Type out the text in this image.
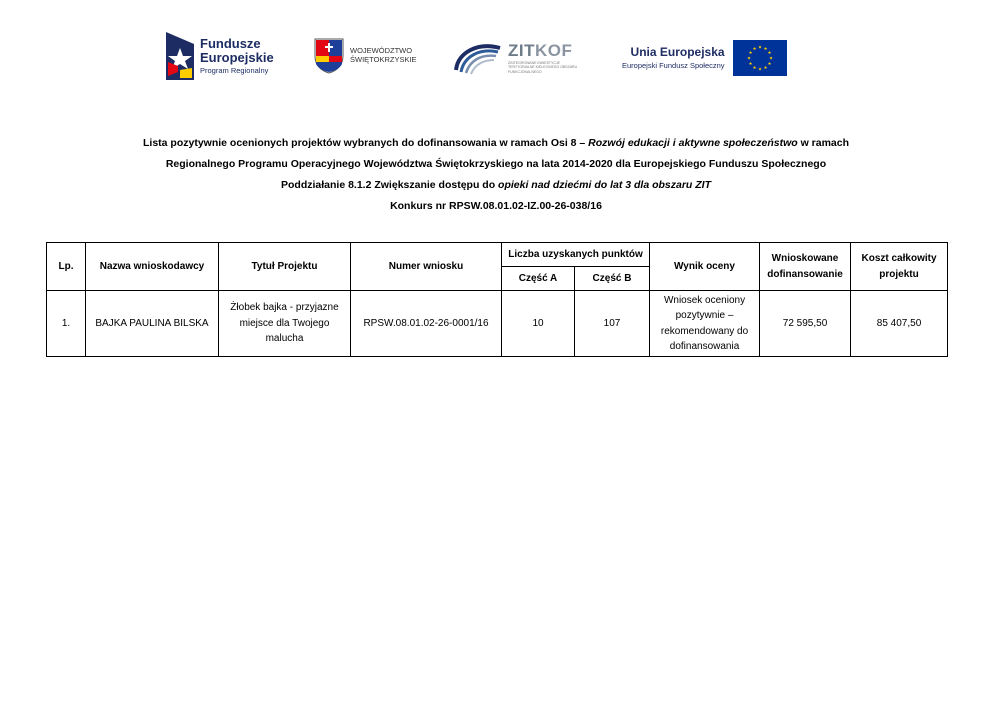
Fundusze
Europejskie
Program Regionalny
WOJEWÓDZTWO
ŚWIĘTOKRZYSKIE	ZITKOF
ZINTEGROWANE INWESTYCJE TERYTORIALNE KIELECKIEGO OBSZARU FUNKCJONALNEGO
Unia Europejska
Europejski Fundusz Społeczny
★
★
★
★
★
★
★
★
★ ★ ★
★
Lista pozytywnie ocenionych projektów wybranych do dofinansowania w ramach Osi 8 – Rozwój edukacji i aktywne społeczeństwo w ramach
Regionalnego Programu Operacyjnego Województwa Świętokrzyskiego na lata 2014-2020 dla Europejskiego Funduszu Społecznego
Poddziałanie 8.1.2 Zwiększanie dostępu do opieki nad dziećmi do lat 3 dla obszaru ZIT
Konkurs nr RPSW.08.01.02-IZ.00-26-038/16
Lp.	Nazwa wnioskodawcy	Tytuł Projektu	Numer wniosku	Liczba uzyskanych punktów		Wynik oceny	Wnioskowane dofinansowanie	Koszt całkowity projektu
				Część A	Część B			
1.	BAJKA PAULINA BILSKA	Żłobek bajka - przyjazne miejsce dla Twojego malucha	RPSW.08.01.02-26-0001/16	10	107	Wniosek oceniony pozytywnie – rekomendowany do dofinansowania	72 595,50	85 407,50
